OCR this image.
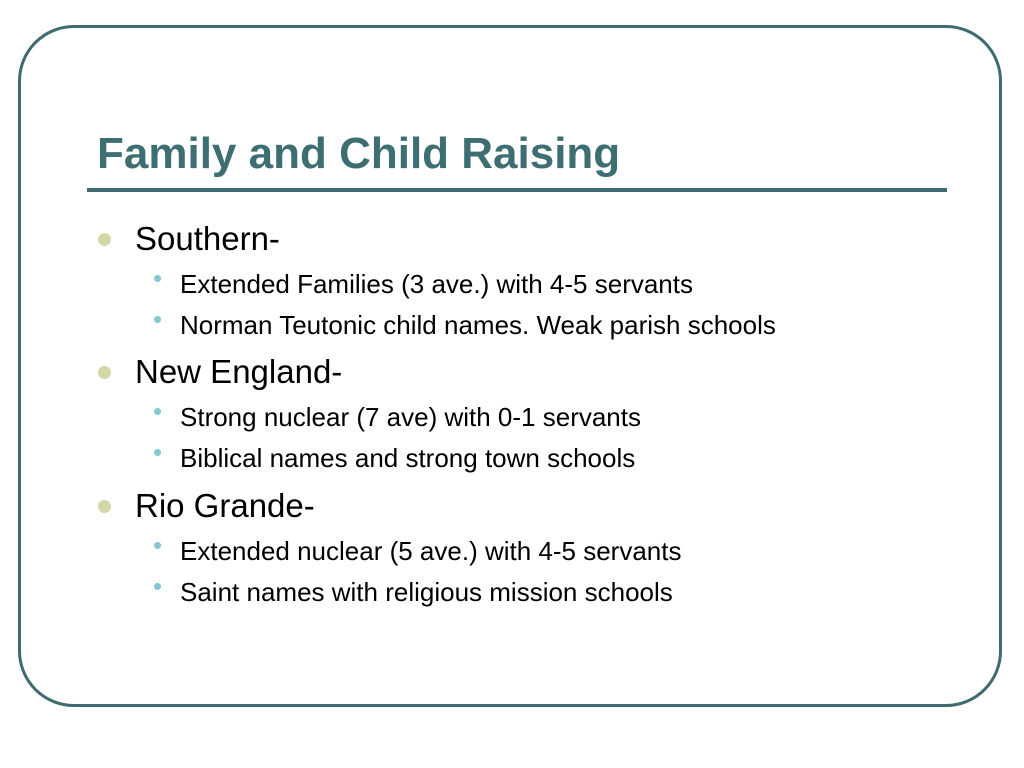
Family and Child Raising
Southern-
• Extended Families (3 ave.) with 4-5 servants
• Norman Teutonic child names. Weak parish schools
New England-
• Strong nuclear (7 ave) with 0-1 servants
• Biblical names and strong town schools
Rio Grande-
• Extended nuclear (5 ave.) with 4-5 servants
• Saint names with religious mission schools
